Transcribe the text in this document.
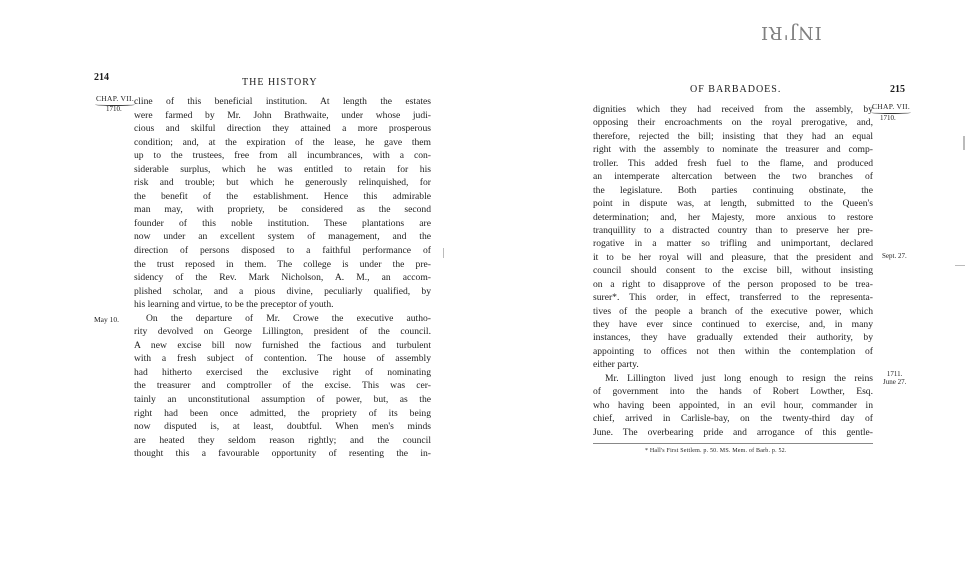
INJ'RI
214	THE HISTORY
CHAP. VII.
1710.
May 10.
cline of this beneficial institution. At length the estates
were farmed by Mr. John Brathwaite, under whose judi-
cious and skilful direction they attained a more prosperous
condition; and, at the expiration of the lease, he gave them
up to the trustees, free from all incumbrances, with a con-
siderable surplus, which he was entitled to retain for his
risk and trouble; but which he generously relinquished, for
the benefit of the establishment. Hence this admirable
man may, with propriety, be considered as the second
founder of this noble institution. These plantations are
now under an excellent system of management, and the
direction of persons disposed to a faithful performance of
the trust reposed in them. The college is under the pre-
sidency of the Rev. Mark Nicholson, A. M., an accom-
plished scholar, and a pious divine, peculiarly qualified, by
his learning and virtue, to be the preceptor of youth.
On the departure of Mr. Crowe the executive autho-
rity devolved on George Lillington, president of the council.
A new excise bill now furnished the factious and turbulent
with a fresh subject of contention. The house of assembly
had hitherto exercised the exclusive right of nominating
the treasurer and comptroller of the excise. This was cer-
tainly an unconstitutional assumption of power, but, as the
right had been once admitted, the propriety of its being
now disputed is, at least, doubtful. When men's minds
are heated they seldom reason rightly; and the council
thought this a favourable opportunity of resenting the in-
OF BARBADOES.	215
CHAP. VII.
1710.
Sept. 27.
1711.
June 27.
dignities which they had received from the assembly, by
opposing their encroachments on the royal prerogative, and,
therefore, rejected the bill; insisting that they had an equal
right with the assembly to nominate the treasurer and comp-
troller. This added fresh fuel to the flame, and produced
an intemperate altercation between the two branches of
the legislature. Both parties continuing obstinate, the
point in dispute was, at length, submitted to the Queen's
determination; and, her Majesty, more anxious to restore
tranquillity to a distracted country than to preserve her pre-
rogative in a matter so trifling and unimportant, declared
it to be her royal will and pleasure, that the president and
council should consent to the excise bill, without insisting
on a right to disapprove of the person proposed to be trea-
surer*. This order, in effect, transferred to the representa-
tives of the people a branch of the executive power, which
they have ever since continued to exercise, and, in many
instances, they have gradually extended their authority, by
appointing to offices not then within the contemplation of
either party.
Mr. Lillington lived just long enough to resign the reins
of government into the hands of Robert Lowther, Esq.
who having been appointed, in an evil hour, commander in
chief, arrived in Carlisle-bay, on the twenty-third day of
June. The overbearing pride and arrogance of this gentle-
* Hall's First Settlem. p. 50. MS. Mem. of Barb. p. 52.
